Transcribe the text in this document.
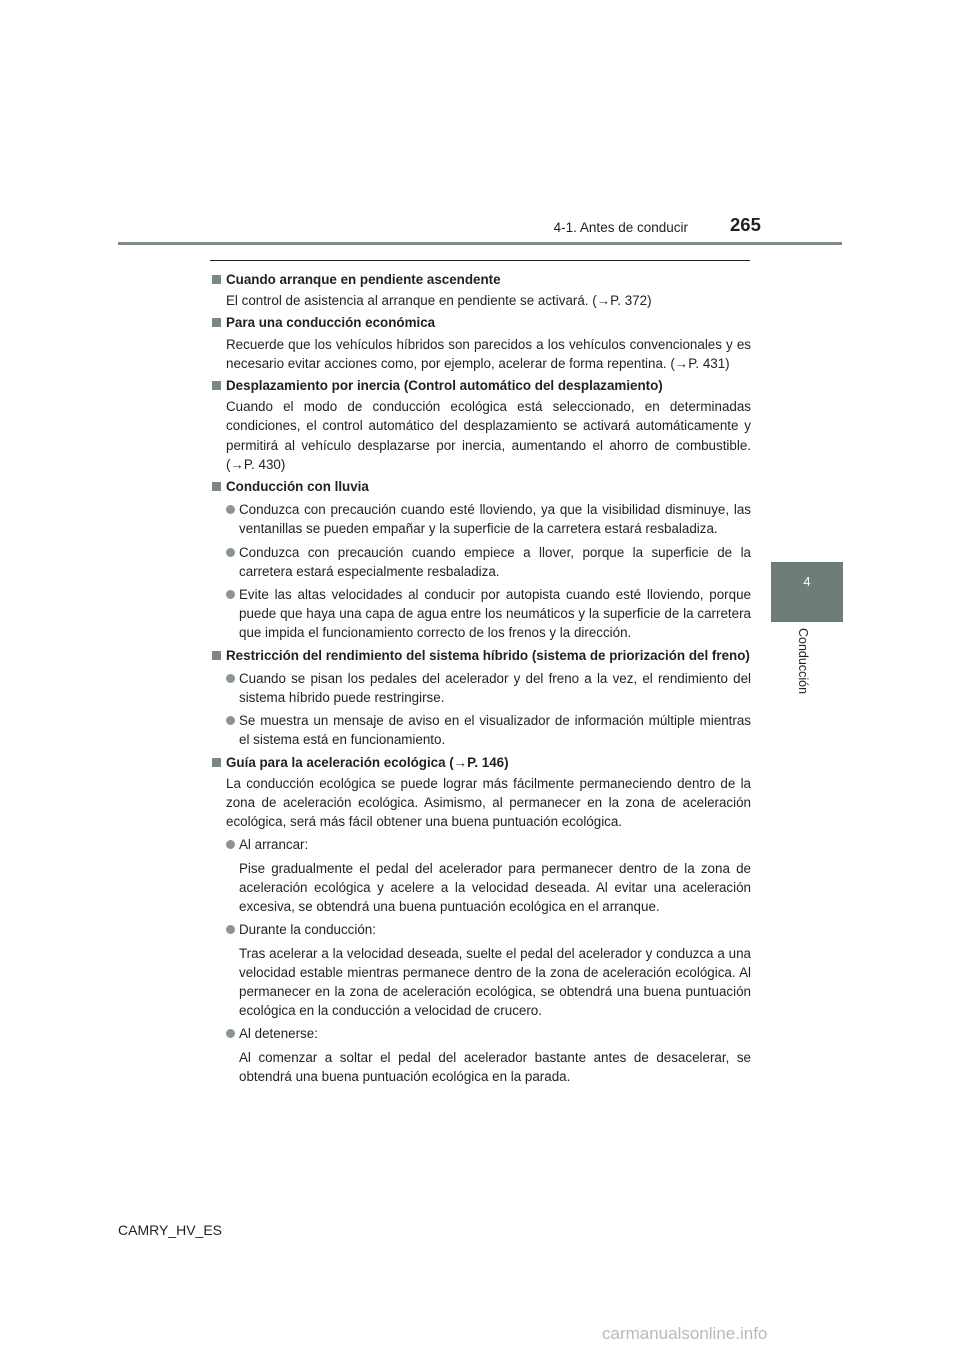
4-1. Antes de conducir 265
4
Conducción
Cuando arranque en pendiente ascendente
El control de asistencia al arranque en pendiente se activará. (→P. 372)
Para una conducción económica
Recuerde que los vehículos híbridos son parecidos a los vehículos convencionales y es necesario evitar acciones como, por ejemplo, acelerar de forma repentina. (→P. 431)
Desplazamiento por inercia (Control automático del desplazamiento)
Cuando el modo de conducción ecológica está seleccionado, en determinadas condiciones, el control automático del desplazamiento se activará automáticamente y permitirá al vehículo desplazarse por inercia, aumentando el ahorro de combustible. (→P. 430)
Conducción con lluvia
Conduzca con precaución cuando esté lloviendo, ya que la visibilidad disminuye, las ventanillas se pueden empañar y la superficie de la carretera estará resbaladiza.
Conduzca con precaución cuando empiece a llover, porque la superficie de la carretera estará especialmente resbaladiza.
Evite las altas velocidades al conducir por autopista cuando esté lloviendo, porque puede que haya una capa de agua entre los neumáticos y la superficie de la carretera que impida el funcionamiento correcto de los frenos y la dirección.
Restricción del rendimiento del sistema híbrido (sistema de priorización del freno)
Cuando se pisan los pedales del acelerador y del freno a la vez, el rendimiento del sistema híbrido puede restringirse.
Se muestra un mensaje de aviso en el visualizador de información múltiple mientras el sistema está en funcionamiento.
Guía para la aceleración ecológica (→P. 146)
La conducción ecológica se puede lograr más fácilmente permaneciendo dentro de la zona de aceleración ecológica. Asimismo, al permanecer en la zona de aceleración ecológica, será más fácil obtener una buena puntuación ecológica.
Al arrancar:
Pise gradualmente el pedal del acelerador para permanecer dentro de la zona de aceleración ecológica y acelere a la velocidad deseada. Al evitar una aceleración excesiva, se obtendrá una buena puntuación ecológica en el arranque.
Durante la conducción:
Tras acelerar a la velocidad deseada, suelte el pedal del acelerador y conduzca a una velocidad estable mientras permanece dentro de la zona de aceleración ecológica. Al permanecer en la zona de aceleración ecológica, se obtendrá una buena puntuación ecológica en la conducción a velocidad de crucero.
Al detenerse:
Al comenzar a soltar el pedal del acelerador bastante antes de desacelerar, se obtendrá una buena puntuación ecológica en la parada.
CAMRY_HV_ES
carmanualsonline.info
